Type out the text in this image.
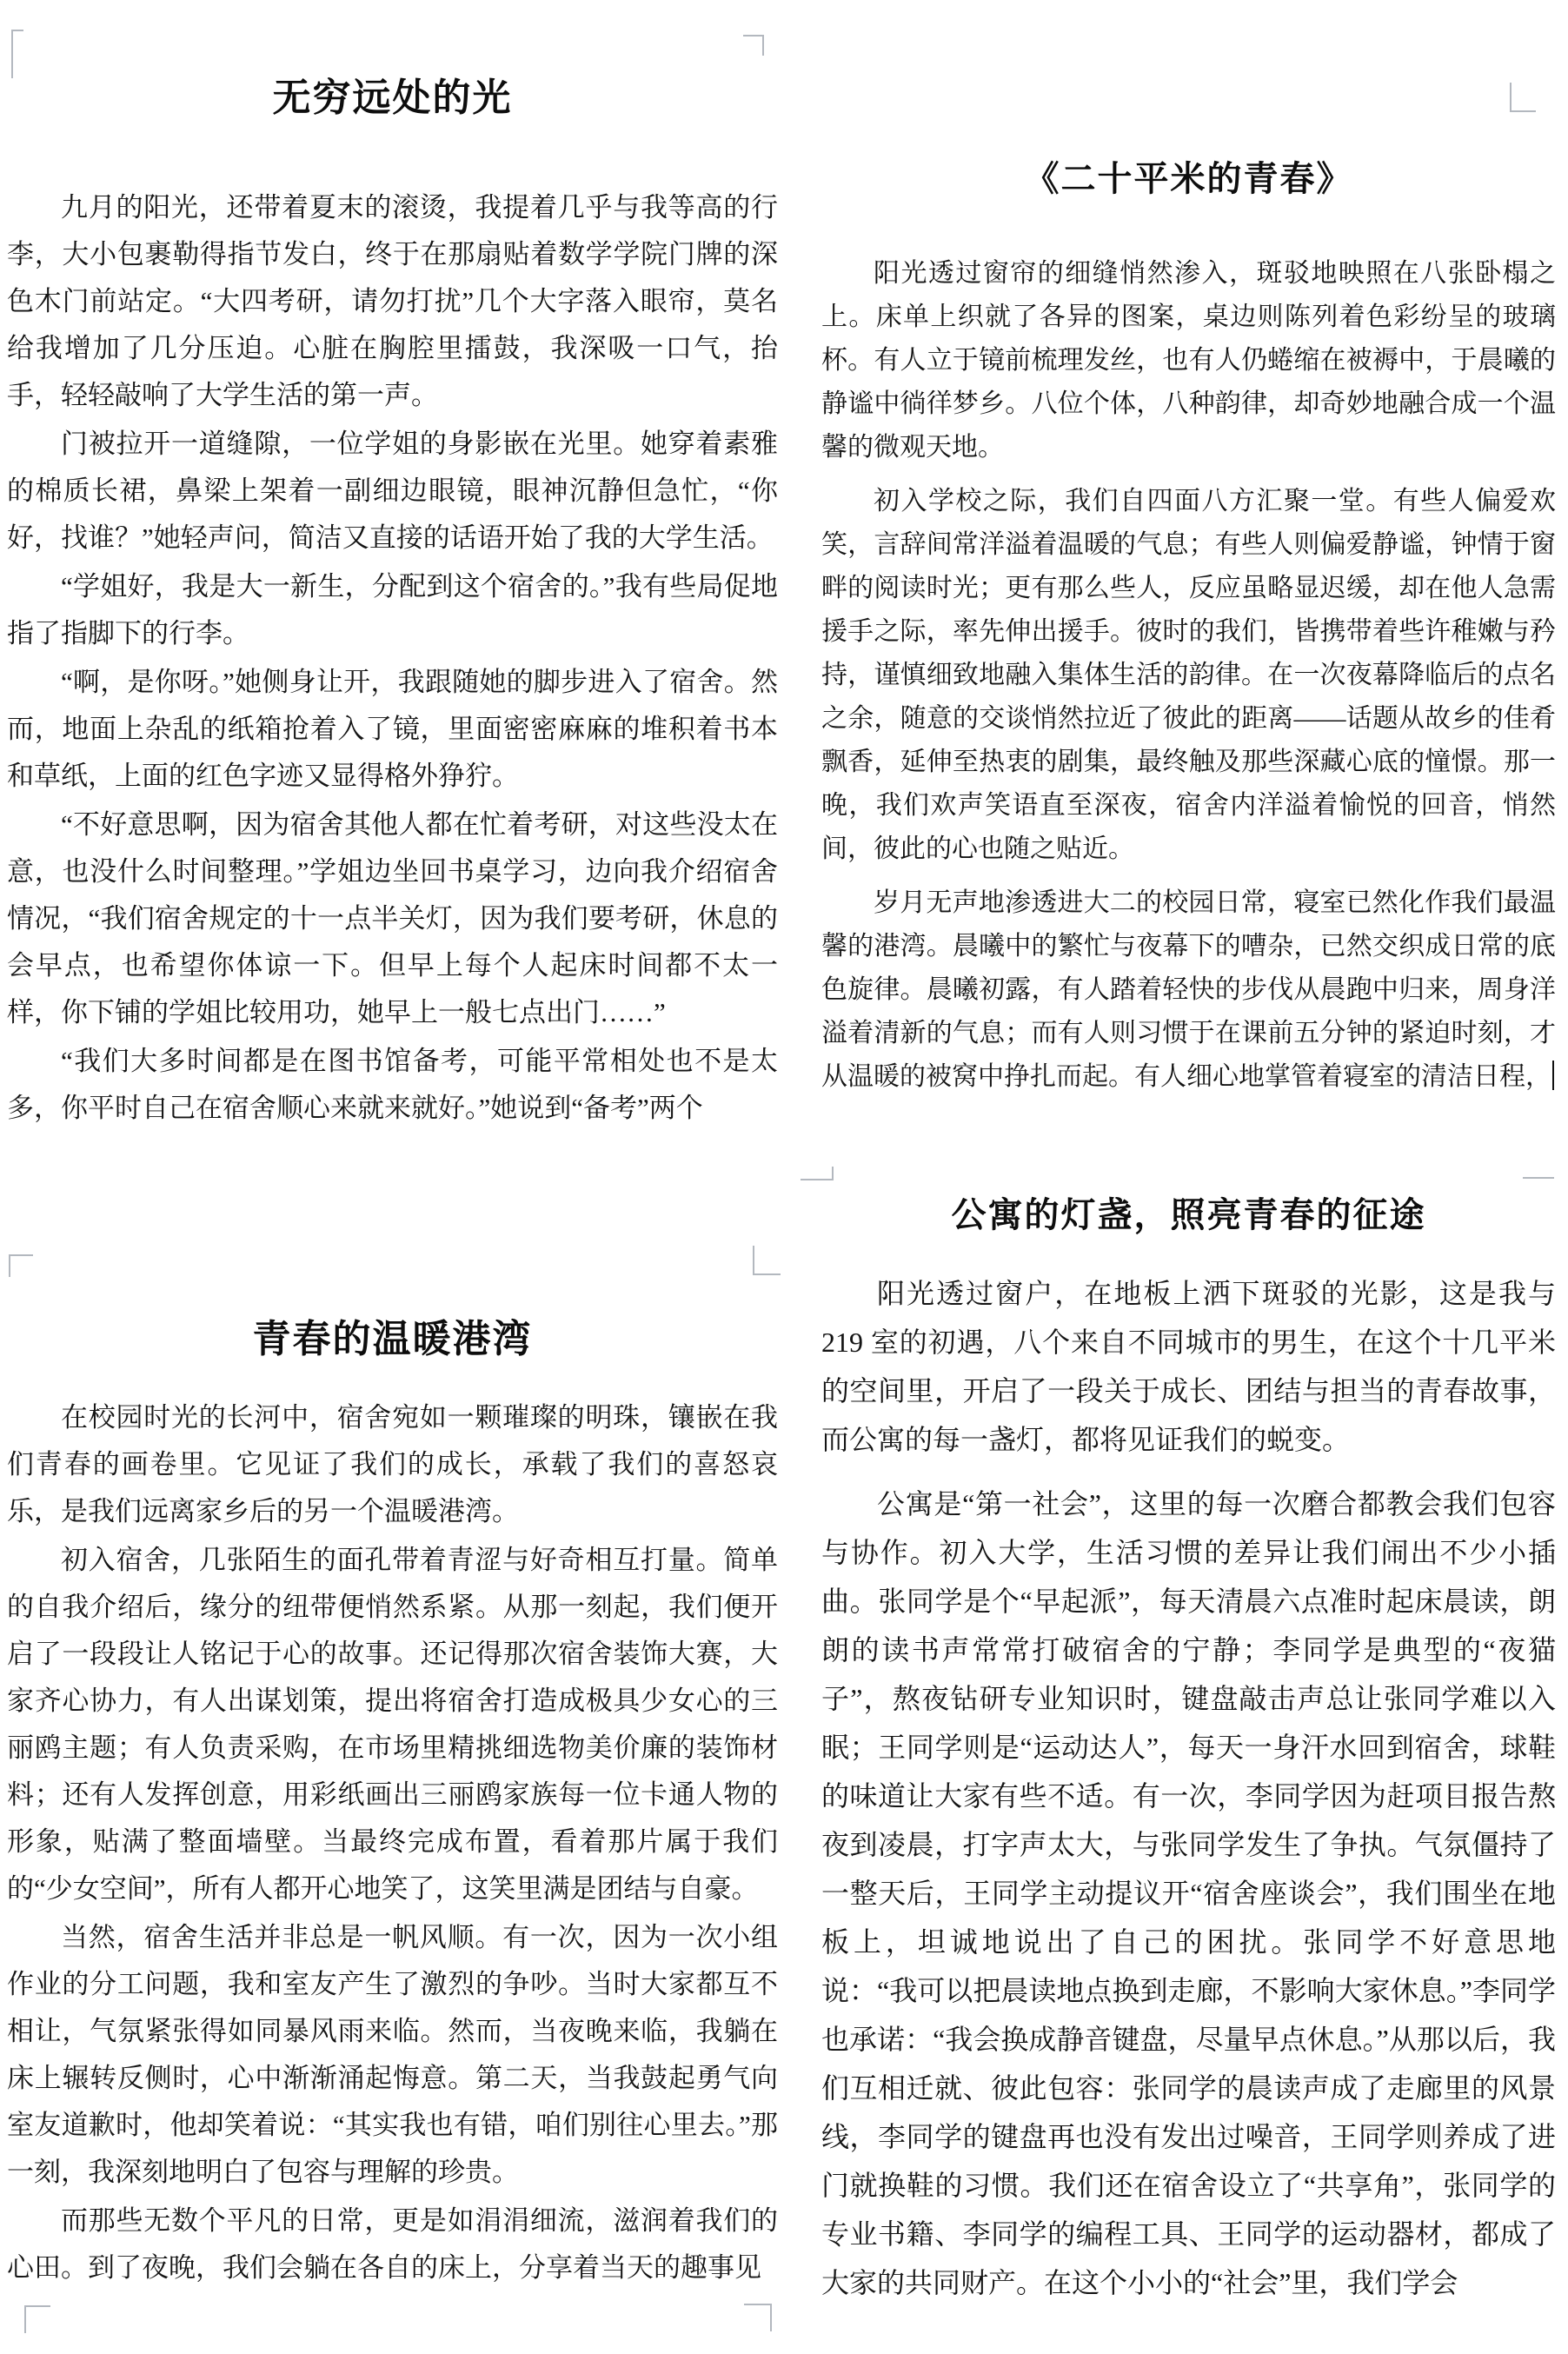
无穷远处的光

九月的阳光，还带着夏末的滚烫，我提着几乎与我等高的行李，大小包裹勒得指节发白，终于在那扇贴着数学学院门牌的深色木门前站定。“大四考研，请勿打扰”几个大字落入眼帘，莫名给我增加了几分压迫。心脏在胸腔里擂鼓，我深吸一口气，抬手，轻轻敲响了大学生活的第一声。

门被拉开一道缝隙，一位学姐的身影嵌在光里。她穿着素雅的棉质长裙，鼻梁上架着一副细边眼镜，眼神沉静但急忙，“你好，找谁？”她轻声问，简洁又直接的话语开始了我的大学生活。

“学姐好，我是大一新生，分配到这个宿舍的。”我有些局促地指了指脚下的行李。

“啊，是你呀。”她侧身让开，我跟随她的脚步进入了宿舍。然而，地面上杂乱的纸箱抢着入了镜，里面密密麻麻的堆积着书本和草纸，上面的红色字迹又显得格外狰狞。

“不好意思啊，因为宿舍其他人都在忙着考研，对这些没太在意，也没什么时间整理。”学姐边坐回书桌学习，边向我介绍宿舍情况，“我们宿舍规定的十一点半关灯，因为我们要考研，休息的会早点，也希望你体谅一下。但早上每个人起床时间都不太一样，你下铺的学姐比较用功，她早上一般七点出门……”

“我们大多时间都是在图书馆备考，可能平常相处也不是太多，你平时自己在宿舍顺心来就来就好。”她说到“备考”两个

《二十平米的青春》

阳光透过窗帘的细缝悄然渗入，斑驳地映照在八张卧榻之上。床单上织就了各异的图案，桌边则陈列着色彩纷呈的玻璃杯。有人立于镜前梳理发丝，也有人仍蜷缩在被褥中，于晨曦的静谧中徜徉梦乡。八位个体，八种韵律，却奇妙地融合成一个温馨的微观天地。

初入学校之际，我们自四面八方汇聚一堂。有些人偏爱欢笑，言辞间常洋溢着温暖的气息；有些人则偏爱静谧，钟情于窗畔的阅读时光；更有那么些人，反应虽略显迟缓，却在他人急需援手之际，率先伸出援手。彼时的我们，皆携带着些许稚嫩与矜持，谨慎细致地融入集体生活的韵律。在一次夜幕降临后的点名之余，随意的交谈悄然拉近了彼此的距离——话题从故乡的佳肴飘香，延伸至热衷的剧集，最终触及那些深藏心底的憧憬。那一晚，我们欢声笑语直至深夜，宿舍内洋溢着愉悦的回音，悄然间，彼此的心也随之贴近。

岁月无声地渗透进大二的校园日常，寝室已然化作我们最温馨的港湾。晨曦中的繁忙与夜幕下的嘈杂，已然交织成日常的底色旋律。晨曦初露，有人踏着轻快的步伐从晨跑中归来，周身洋溢着清新的气息；而有人则习惯于在课前五分钟的紧迫时刻，才从温暖的被窝中挣扎而起。有人细心地掌管着寝室的清洁日程，

青春的温暖港湾

在校园时光的长河中，宿舍宛如一颗璀璨的明珠，镶嵌在我们青春的画卷里。它见证了我们的成长，承载了我们的喜怒哀乐，是我们远离家乡后的另一个温暖港湾。

初入宿舍，几张陌生的面孔带着青涩与好奇相互打量。简单的自我介绍后，缘分的纽带便悄然系紧。从那一刻起，我们便开启了一段段让人铭记于心的故事。还记得那次宿舍装饰大赛，大家齐心协力，有人出谋划策，提出将宿舍打造成极具少女心的三丽鸥主题；有人负责采购，在市场里精挑细选物美价廉的装饰材料；还有人发挥创意，用彩纸画出三丽鸥家族每一位卡通人物的形象，贴满了整面墙壁。当最终完成布置，看着那片属于我们的“少女空间”，所有人都开心地笑了，这笑里满是团结与自豪。

当然，宿舍生活并非总是一帆风顺。有一次，因为一次小组作业的分工问题，我和室友产生了激烈的争吵。当时大家都互不相让，气氛紧张得如同暴风雨来临。然而，当夜晚来临，我躺在床上辗转反侧时，心中渐渐涌起悔意。第二天，当我鼓起勇气向室友道歉时，他却笑着说：“其实我也有错，咱们别往心里去。”那一刻，我深刻地明白了包容与理解的珍贵。

而那些无数个平凡的日常，更是如涓涓细流，滋润着我们的心田。到了夜晚，我们会躺在各自的床上，分享着当天的趣事见

公寓的灯盏，照亮青春的征途

阳光透过窗户，在地板上洒下斑驳的光影，这是我与 219 室的初遇，八个来自不同城市的男生，在这个十几平米的空间里，开启了一段关于成长、团结与担当的青春故事，而公寓的每一盏灯，都将见证我们的蜕变。

公寓是“第一社会”，这里的每一次磨合都教会我们包容与协作。初入大学，生活习惯的差异让我们闹出不少小插曲。张同学是个“早起派”，每天清晨六点准时起床晨读，朗朗的读书声常常打破宿舍的宁静；李同学是典型的“夜猫子”，熬夜钻研专业知识时，键盘敲击声总让张同学难以入眠；王同学则是“运动达人”，每天一身汗水回到宿舍，球鞋的味道让大家有些不适。有一次，李同学因为赶项目报告熬夜到凌晨，打字声太大，与张同学发生了争执。气氛僵持了一整天后，王同学主动提议开“宿舍座谈会”，我们围坐在地板上，坦诚地说出了自己的困扰。张同学不好意思地说：“我可以把晨读地点换到走廊，不影响大家休息。”李同学也承诺：“我会换成静音键盘，尽量早点休息。”从那以后，我们互相迁就、彼此包容：张同学的晨读声成了走廊里的风景线，李同学的键盘再也没有发出过噪音，王同学则养成了进门就换鞋的习惯。我们还在宿舍设立了“共享角”，张同学的专业书籍、李同学的编程工具、王同学的运动器材，都成了大家的共同财产。在这个小小的“社会”里，我们学会
